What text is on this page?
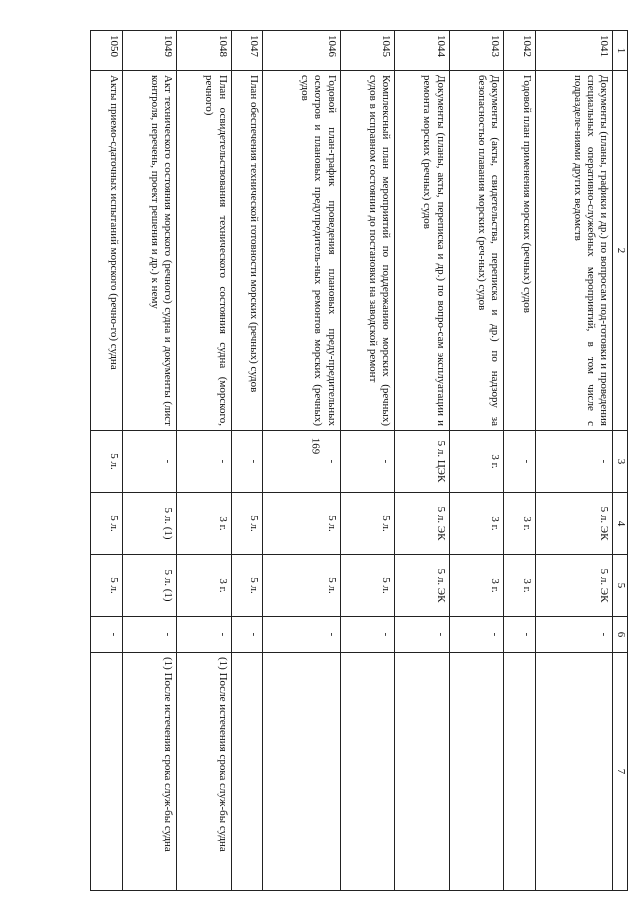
169
1	2	3	4	5	6	7
1041	Документы (планы, графики и др.) по вопросам под-готовки и проведения специальных оперативно-служебных мероприятий, в том числе с подразделе-ниями других ведомств	-	5 л. ЭК	5 л. ЭК	-	
1042	Годовой план применения морских (речных) судов	-	3 г.	3 г.	-	
1043	Документы (акты, свидетельства, переписка и др.) по надзору за безопасностью плавания морских (реч-ных) судов	3 г.	3 г.	3 г.	-	
1044	Документы (планы, акты, переписка и др.) по вопро-сам эксплуатации и ремонта морских (речных) судов	5 л. ЦЭК	5 л. ЭК	5 л. ЭК	-	
1045	Комплексный план мероприятий по поддержанию морских (речных) судов в исправном состоянии до постановки на заводской ремонт	-	5 л.	5 л.	-	
1046	Годовой план-график проведения плановых преду-предительных осмотров и плановых предупредитель-ных ремонтов морских (речных) судов	-	5 л.	5 л.	-	
1047	План обеспечения технической готовности морских (речных) судов	-	5 л.	5 л.	-	
1048	План освидетельствования технического состояния судна (морского, речного)	-	3 г.	3 г.	-	(1) После истечения срока служ-бы судна
1049	Акт технического состояния морского (речного) судна и документы (лист контроля, перечень, проект решения и др.) к нему	-	5 л. (1)	5 л. (1)	-	(1) После истечения срока служ-бы судна
1050	Акты приемо-сдаточных испытаний морского (речно-го) судна	5 л.	5 л.	5 л.	-	
